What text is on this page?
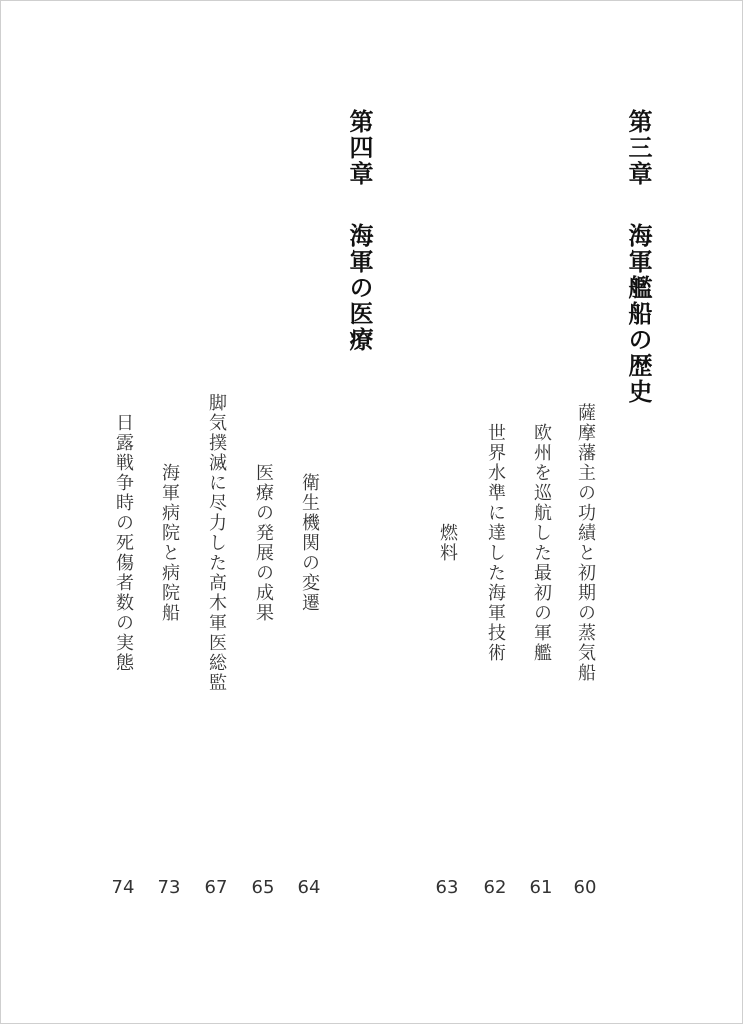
第三章海軍艦船の歴史
薩摩藩主の功績と初期の蒸気船
欧州を巡航した最初の軍艦
世界水準に達した海軍技術
燃料
第四章海軍の医療
衛生機関の変遷
医療の発展の成果
脚気撲滅に尽力した高木軍医総監
海軍病院と病院船
日露戦争時の死傷者数の実態
60
61
62
63
64
65
67
73
74
